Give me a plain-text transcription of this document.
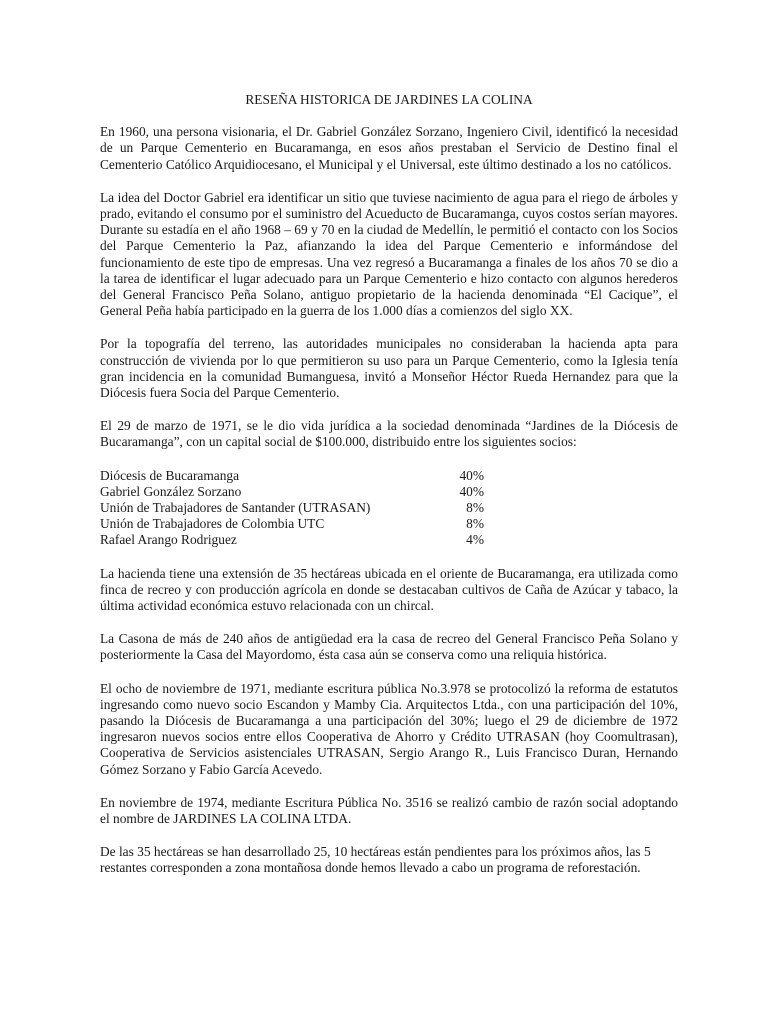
RESEÑA HISTORICA DE JARDINES LA COLINA

En 1960, una persona visionaria, el Dr. Gabriel González Sorzano, Ingeniero Civil, identificó la necesidad de un Parque Cementerio en Bucaramanga, en esos años prestaban el Servicio de Destino final el Cementerio Católico Arquidiocesano, el Municipal y el Universal, este último destinado a los no católicos.

La idea del Doctor Gabriel era identificar un sitio que tuviese nacimiento de agua para el riego de árboles y prado, evitando el consumo por el suministro del Acueducto de Bucaramanga, cuyos costos serían mayores. Durante su estadía en el año 1968 – 69 y 70 en la ciudad de Medellín, le permitió el contacto con los Socios del Parque Cementerio la Paz, afianzando la idea del Parque Cementerio e informándose del funcionamiento de este tipo de empresas. Una vez regresó a Bucaramanga a finales de los años 70 se dio a la tarea de identificar el lugar adecuado para un Parque Cementerio e hizo contacto con algunos herederos del General Francisco Peña Solano, antiguo propietario de la hacienda denominada “El Cacique”, el General Peña había participado en la guerra de los 1.000 días a comienzos del siglo XX.

Por la topografía del terreno, las autoridades municipales no consideraban la hacienda apta para construcción de vivienda por lo que permitieron su uso para un Parque Cementerio, como la Iglesia tenía gran incidencia en la comunidad Bumanguesa, invitó a Monseñor Héctor Rueda Hernandez para que la Diócesis fuera Socia del Parque Cementerio.

El 29 de marzo de 1971, se le dio vida jurídica a la sociedad denominada “Jardines de la Diócesis de Bucaramanga”, con un capital social de $100.000, distribuido entre los siguientes socios:

Diócesis de Bucaramanga	40%
Gabriel González Sorzano	40%
Unión de Trabajadores de Santander (UTRASAN)	8%
Unión de Trabajadores de Colombia UTC	8%
Rafael Arango Rodriguez	4%

La hacienda tiene una extensión de 35 hectáreas ubicada en el oriente de Bucaramanga, era utilizada como finca de recreo y con producción agrícola en donde se destacaban cultivos de Caña de Azúcar y tabaco, la última actividad económica estuvo relacionada con un chircal.

La Casona de más de 240 años de antigüedad era la casa de recreo del General Francisco Peña Solano y posteriormente la Casa del Mayordomo, ésta casa aún se conserva como una reliquia histórica.

El ocho de noviembre de 1971, mediante escritura pública No.3.978 se protocolizó la reforma de estatutos ingresando como nuevo socio Escandon y Mamby Cia. Arquitectos Ltda., con una participación del 10%, pasando la Diócesis de Bucaramanga a una participación del 30%; luego el 29 de diciembre de 1972 ingresaron nuevos socios entre ellos Cooperativa de Ahorro y Crédito UTRASAN (hoy Coomultrasan), Cooperativa de Servicios asistenciales UTRASAN, Sergio Arango R., Luis Francisco Duran, Hernando Gómez Sorzano y Fabio García Acevedo.

En noviembre de 1974, mediante Escritura Pública No. 3516 se realizó cambio de razón social adoptando el nombre de JARDINES LA COLINA LTDA.

De las 35 hectáreas se han desarrollado 25, 10 hectáreas están pendientes para los próximos años, las 5 restantes corresponden a zona montañosa donde hemos llevado a cabo un programa de reforestación.
